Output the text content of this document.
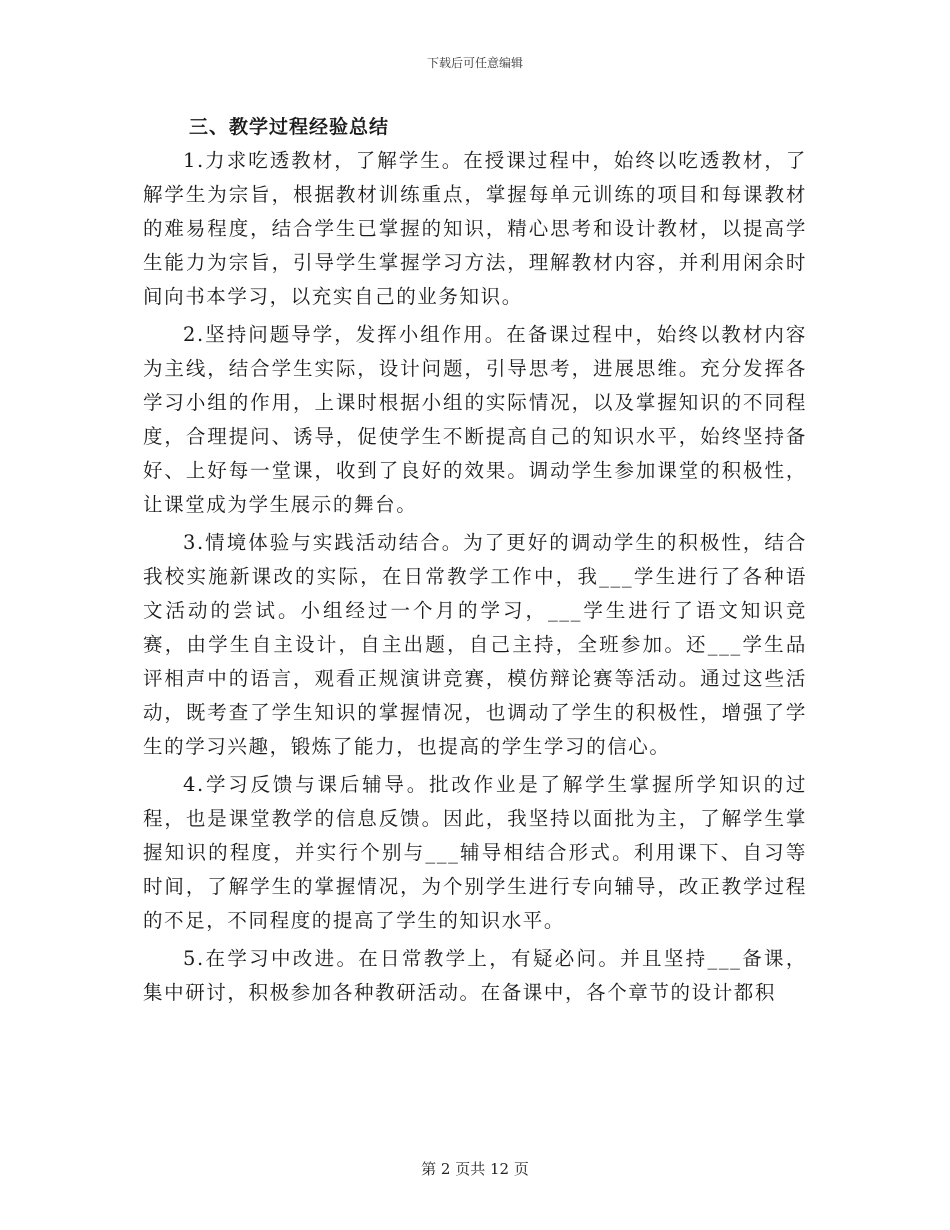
下载后可任意编辑
三、教学过程经验总结

1.力求吃透教材，了解学生。在授课过程中，始终以吃透教材，了解学生为宗旨，根据教材训练重点，掌握每单元训练的项目和每课教材的难易程度，结合学生已掌握的知识，精心思考和设计教材，以提高学生能力为宗旨，引导学生掌握学习方法，理解教材内容，并利用闲余时间向书本学习，以充实自己的业务知识。

2.坚持问题导学，发挥小组作用。在备课过程中，始终以教材内容为主线，结合学生实际，设计问题，引导思考，进展思维。充分发挥各学习小组的作用，上课时根据小组的实际情况，以及掌握知识的不同程度，合理提问、诱导，促使学生不断提高自己的知识水平，始终坚持备好、上好每一堂课，收到了良好的效果。调动学生参加课堂的积极性，让课堂成为学生展示的舞台。

3.情境体验与实践活动结合。为了更好的调动学生的积极性，结合我校实施新课改的实际，在日常教学工作中，我___学生进行了各种语文活动的尝试。小组经过一个月的学习，___学生进行了语文知识竞赛，由学生自主设计，自主出题，自己主持，全班参加。还___学生品评相声中的语言，观看正规演讲竞赛，模仿辩论赛等活动。通过这些活动，既考查了学生知识的掌握情况，也调动了学生的积极性，增强了学生的学习兴趣，锻炼了能力，也提高的学生学习的信心。

4.学习反馈与课后辅导。批改作业是了解学生掌握所学知识的过程，也是课堂教学的信息反馈。因此，我坚持以面批为主，了解学生掌握知识的程度，并实行个别与___辅导相结合形式。利用课下、自习等时间，了解学生的掌握情况，为个别学生进行专向辅导，改正教学过程的不足，不同程度的提高了学生的知识水平。

5.在学习中改进。在日常教学上，有疑必问。并且坚持___备课，集中研讨，积极参加各种教研活动。在备课中，各个章节的设计都积

第 2 页共 12 页
